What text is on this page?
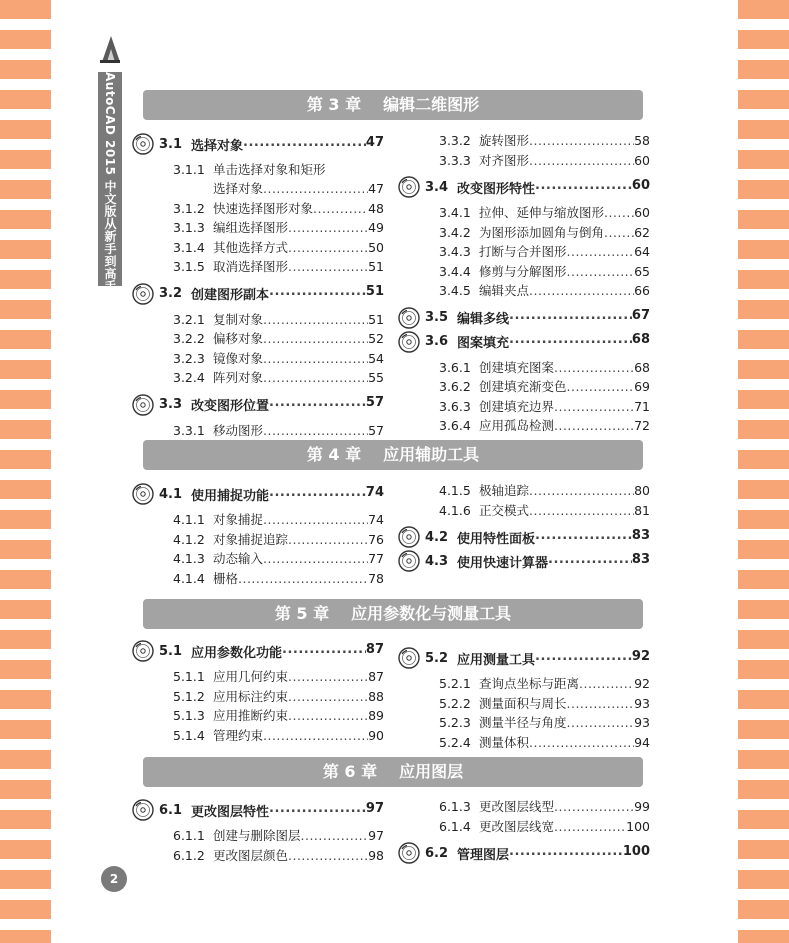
AutoCAD 2015 中文版从新手到高手	第 3 章 编辑二维图形
3.1 选择对象 .....	47
3.1.1 单击选择对象和矩形
选择对象 .....	47
3.1.2 快速选择图形对象 .....	48
3.1.3 编组选择图形 .....	49
3.1.4 其他选择方式 .....	50
3.1.5 取消选择图形 .....	51
3.2 创建图形副本 .....	51
3.2.1 复制对象 .....	51
3.2.2 偏移对象 .....	52
3.2.3 镜像对象 .....	54
3.2.4 阵列对象 .....	55
3.3 改变图形位置 .....	57
3.3.1 移动图形 .....	57
3.3.2 旋转图形 .....	58
3.3.3 对齐图形 .....	60
3.4 改变图形特性 .....	60
3.4.1 拉伸、延伸与缩放图形 ..... 60
3.4.2 为图形添加圆角与倒角 ..... 62
3.4.3 打断与合并图形 .....	64
3.4.4 修剪与分解图形 .....	65
3.4.5 编辑夹点 .....	66
3.5 编辑多线 .....	67
3.6 图案填充 .....	68
3.6.1 创建填充图案 .....	68
3.6.2 创建填充渐变色 .....	69
3.6.3 创建填充边界 .....	71
3.6.4 应用孤岛检测 .....	72
第 4 章 应用辅助工具
4.1 使用捕捉功能 .....	74
4.1.1 对象捕捉 .....	74
4.1.2 对象捕捉追踪 .....	76
4.1.3 动态输入 .....	77
4.1.4 栅格 .....	78
4.1.5 极轴追踪 .....	80
4.1.6 正交模式 .....	81
4.2 使用特性面板 .....	83
4.3 使用快速计算器 .....	83
第 5 章 应用参数化与测量工具
5.1 应用参数化功能 .....	87
5.1.1 应用几何约束 .....	87
5.1.2 应用标注约束 .....	88
5.1.3 应用推断约束 .....	89
5.1.4 管理约束 .....	90
5.2 应用测量工具 .....	92
5.2.1 查询点坐标与距离 .....	92
5.2.2 测量面积与周长 .....	93
5.2.3 测量半径与角度 .....	93
5.2.4 测量体积 .....	94
第 6 章 应用图层
6.1 更改图层特性 .....	97
6.1.1 创建与删除图层 .....	97
6.1.2 更改图层颜色 .....	98
6.1.3 更改图层线型 .....	99
6.1.4 更改图层线宽 .....	100
6.2 管理图层 .....	100
2
